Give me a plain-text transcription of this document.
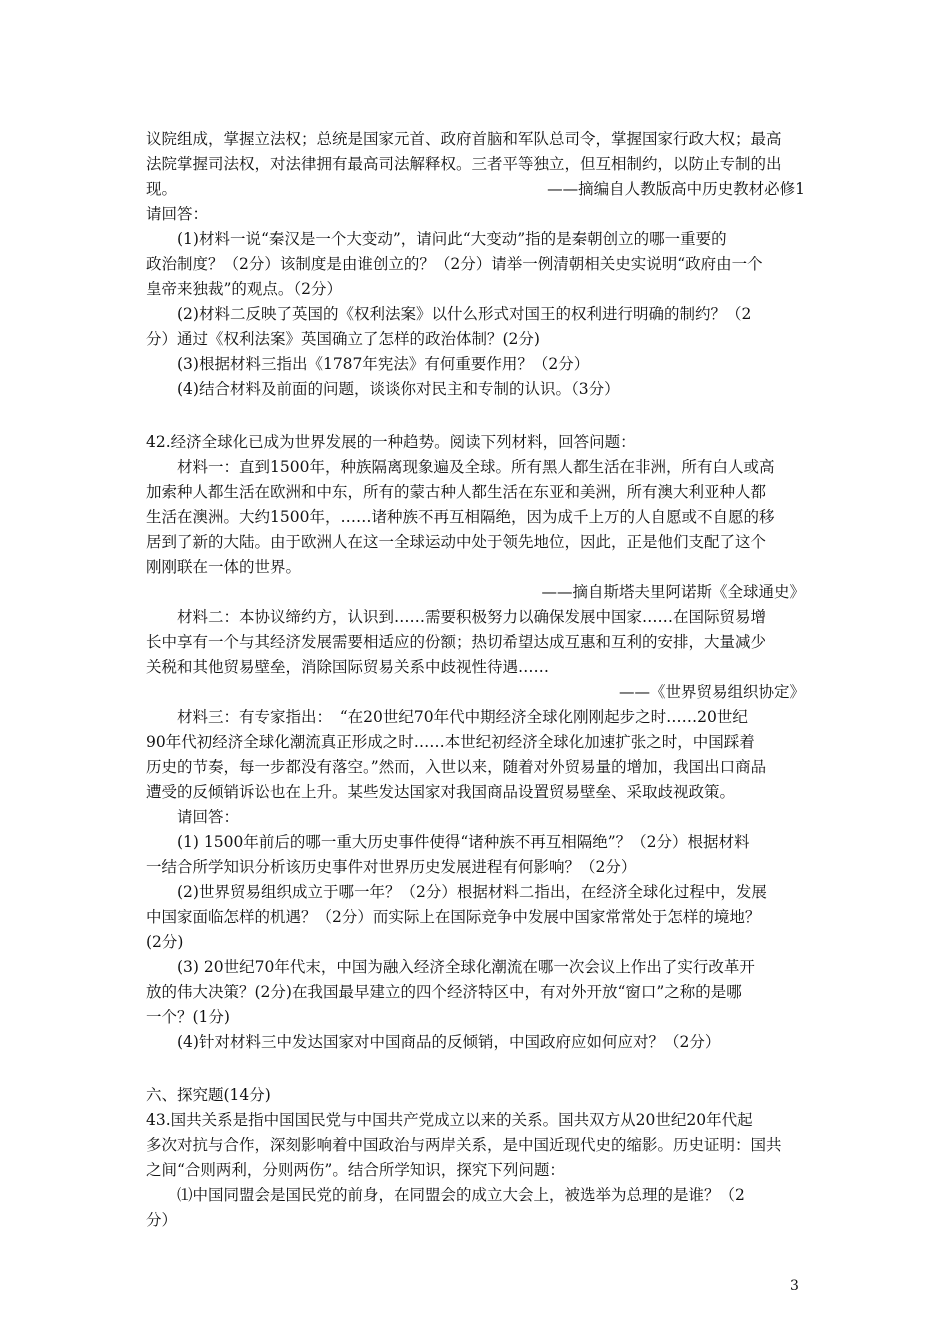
议院组成，掌握立法权；总统是国家元首、政府首脑和军队总司令，掌握国家行政大权；最高
法院掌握司法权，对法律拥有最高司法解释权。三者平等独立，但互相制约，以防止专制的出
现。	——摘编自人教版高中历史教材必修1
请回答：
(1)材料一说“秦汉是一个大变动”，请问此“大变动”指的是秦朝创立的哪一重要的
政治制度？（2分）该制度是由谁创立的？（2分）请举一例清朝相关史实说明“政府由一个
皇帝来独裁”的观点。（2分）
(2)材料二反映了英国的《权利法案》以什么形式对国王的权利进行明确的制约？（2
分）通过《权利法案》英国确立了怎样的政治体制？(2分)
(3)根据材料三指出《1787年宪法》有何重要作用？（2分）
(4)结合材料及前面的问题，谈谈你对民主和专制的认识。（3分）
42.经济全球化已成为世界发展的一种趋势。阅读下列材料，回答问题：
材料一：直到1500年，种族隔离现象遍及全球。所有黑人都生活在非洲，所有白人或高
加索种人都生活在欧洲和中东，所有的蒙古种人都生活在东亚和美洲，所有澳大利亚种人都
生活在澳洲。大约1500年，……诸种族不再互相隔绝，因为成千上万的人自愿或不自愿的移
居到了新的大陆。由于欧洲人在这一全球运动中处于领先地位，因此，正是他们支配了这个
刚刚联在一体的世界。
——摘自斯塔夫里阿诺斯《全球通史》
材料二：本协议缔约方，认识到……需要积极努力以确保发展中国家……在国际贸易增
长中享有一个与其经济发展需要相适应的份额；热切希望达成互惠和互利的安排，大量减少
关税和其他贸易壁垒，消除国际贸易关系中歧视性待遇……
——《世界贸易组织协定》
材料三：有专家指出：　“在20世纪70年代中期经济全球化刚刚起步之时……20世纪
90年代初经济全球化潮流真正形成之时……本世纪初经济全球化加速扩张之时，中国踩着
历史的节奏，每一步都没有落空。”然而，入世以来，随着对外贸易量的增加，我国出口商品
遭受的反倾销诉讼也在上升。某些发达国家对我国商品设置贸易壁垒、采取歧视政策。
请回答：
(1) 1500年前后的哪一重大历史事件使得“诸种族不再互相隔绝”？（2分）根据材料
一结合所学知识分析该历史事件对世界历史发展进程有何影响？（2分）
(2)世界贸易组织成立于哪一年？（2分）根据材料二指出，在经济全球化过程中，发展
中国家面临怎样的机遇？（2分）而实际上在国际竞争中发展中国家常常处于怎样的境地？
(2分)
(3) 20世纪70年代末，中国为融入经济全球化潮流在哪一次会议上作出了实行改革开
放的伟大决策？(2分)在我国最早建立的四个经济特区中，有对外开放“窗口”之称的是哪
一个？(1分)
(4)针对材料三中发达国家对中国商品的反倾销，中国政府应如何应对？（2分）
六、探究题(14分)
43.国共关系是指中国国民党与中国共产党成立以来的关系。国共双方从20世纪20年代起
多次对抗与合作，深刻影响着中国政治与两岸关系，是中国近现代史的缩影。历史证明：国共
之间“合则两利，分则两伤”。结合所学知识，探究下列问题：
⑴中国同盟会是国民党的前身，在同盟会的成立大会上，被选举为总理的是谁？（2
分）
3
